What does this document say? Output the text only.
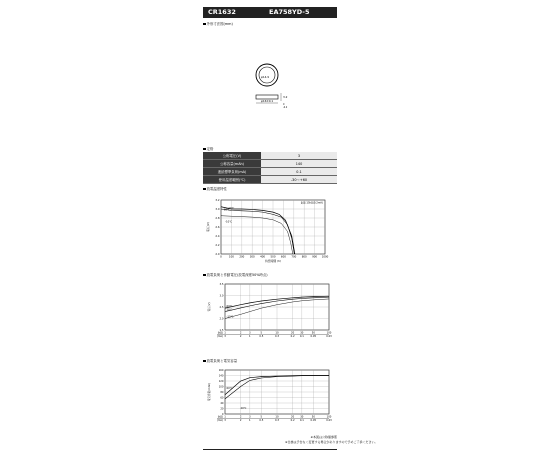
CR1632	EA758YD-5
外形寸法図(mm)
φ14.9
φ16±0.1
3.2
0
-0.2
定格
公称電圧(V)	3
公称容量(mAh)	140
連続標準負荷(mA)	0.1
使用温度範囲(℃)	-30〜+60
放電温度特性
0	100 200 300 400 500 600 700 800 900 1000
2.0
2.2
2.4
2.6
2.8
3.0
3.2
持続時間 (h)
電圧(V)
負荷:15kΩ(0.2mA)
60℃
20℃
-10℃
放電負荷と作動電圧(放電深度50%時点)
1
3
2
2
3
1
5
0.5
10
0.3
20
0.2
30
0.1
50
0.05
100
0.03
(kΩ)
(mA)
1.5
2.0
2.5
3.0
3.5
電圧(V)	60℃
20℃
-10℃
放電負荷と電気容量
1
3
2
2
3
1
5
0.5
10
0.3
20
0.2
30
0.1
50
0.05
100
0.03
(kΩ)
(mA)
0
20
40
60
80
100
120
140
160
電気容量(mAh)	60℃
20℃
※本図は公称値参照
※仕様は予告なく変更する場合がありますので予めご了承ください。
